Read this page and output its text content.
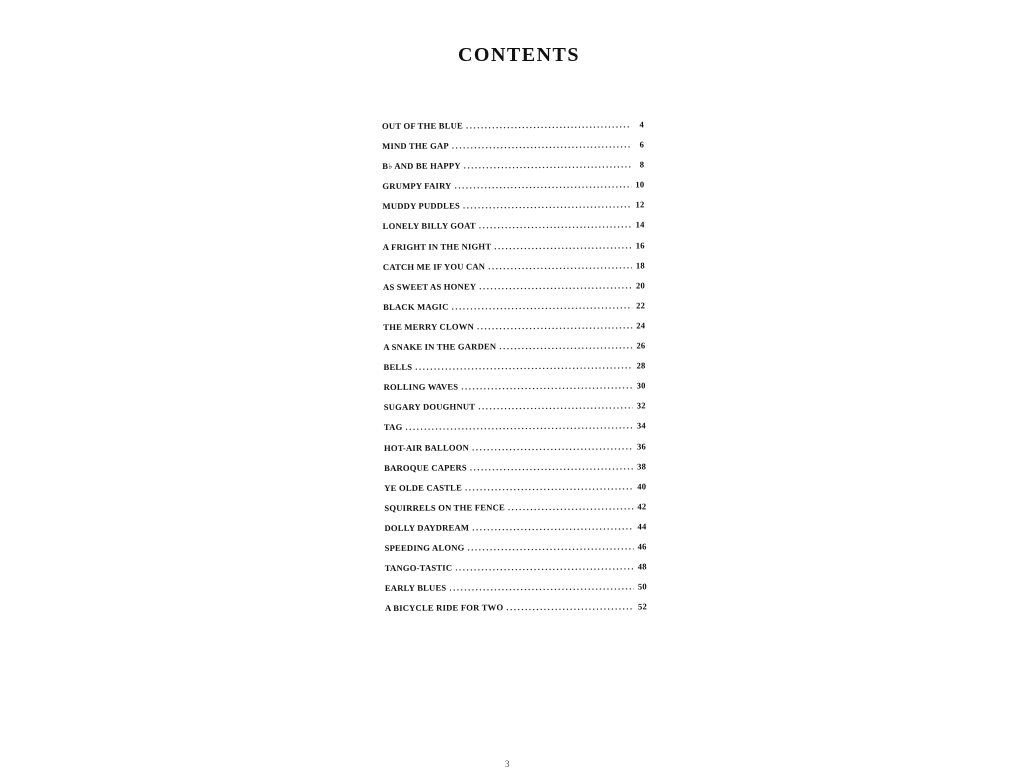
CONTENTS
OUT OF THE BLUE .....	4
MIND THE GAP .....	6
B♭ AND BE HAPPY .....	8
GRUMPY FAIRY .....	10
MUDDY PUDDLES .....	12
LONELY BILLY GOAT .....	14
A FRIGHT IN THE NIGHT .....	16
CATCH ME IF YOU CAN .....	18
AS SWEET AS HONEY .....	20
BLACK MAGIC .....	22
THE MERRY CLOWN .....	24
A SNAKE IN THE GARDEN .....	26
BELLS .....	28
ROLLING WAVES .....	30
SUGARY DOUGHNUT .....	32
TAG .....	34
HOT-AIR BALLOON .....	36
BAROQUE CAPERS .....	38
YE OLDE CASTLE .....	40
SQUIRRELS ON THE FENCE .....	42
DOLLY DAYDREAM .....	44
SPEEDING ALONG .....	46
TANGO-TASTIC .....	48
EARLY BLUES .....	50
A BICYCLE RIDE FOR TWO .....	52
3
